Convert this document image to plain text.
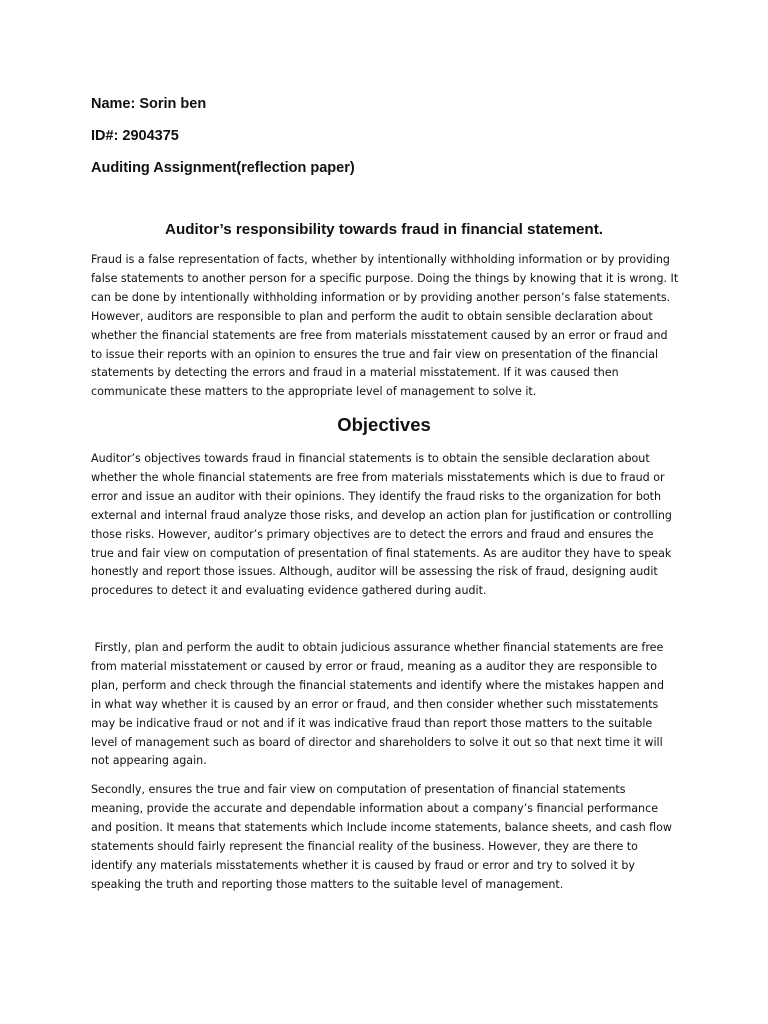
Name: Sorin ben
ID#: 2904375
Auditing Assignment(reflection paper)
Auditor’s responsibility towards fraud in financial statement.
Fraud is a false representation of facts, whether by intentionally withholding information or by providing
false statements to another person for a specific purpose. Doing the things by knowing that it is wrong. It
can be done by intentionally withholding information or by providing another person’s false statements.
However, auditors are responsible to plan and perform the audit to obtain sensible declaration about
whether the financial statements are free from materials misstatement caused by an error or fraud and
to issue their reports with an opinion to ensures the true and fair view on presentation of the financial
statements by detecting the errors and fraud in a material misstatement. If it was caused then
communicate these matters to the appropriate level of management to solve it.
Objectives
Auditor’s objectives towards fraud in financial statements is to obtain the sensible declaration about
whether the whole financial statements are free from materials misstatements which is due to fraud or
error and issue an auditor with their opinions. They identify the fraud risks to the organization for both
external and internal fraud analyze those risks, and develop an action plan for justification or controlling
those risks. However, auditor’s primary objectives are to detect the errors and fraud and ensures the
true and fair view on computation of presentation of final statements. As are auditor they have to speak
honestly and report those issues. Although, auditor will be assessing the risk of fraud, designing audit
procedures to detect it and evaluating evidence gathered during audit.
Firstly, plan and perform the audit to obtain judicious assurance whether financial statements are free
from material misstatement or caused by error or fraud, meaning as a auditor they are responsible to
plan, perform and check through the financial statements and identify where the mistakes happen and
in what way whether it is caused by an error or fraud, and then consider whether such misstatements
may be indicative fraud or not and if it was indicative fraud than report those matters to the suitable
level of management such as board of director and shareholders to solve it out so that next time it will
not appearing again.
Secondly, ensures the true and fair view on computation of presentation of financial statements
meaning, provide the accurate and dependable information about a company’s financial performance
and position. It means that statements which Include income statements, balance sheets, and cash flow
statements should fairly represent the financial reality of the business. However, they are there to
identify any materials misstatements whether it is caused by fraud or error and try to solved it by
speaking the truth and reporting those matters to the suitable level of management.
